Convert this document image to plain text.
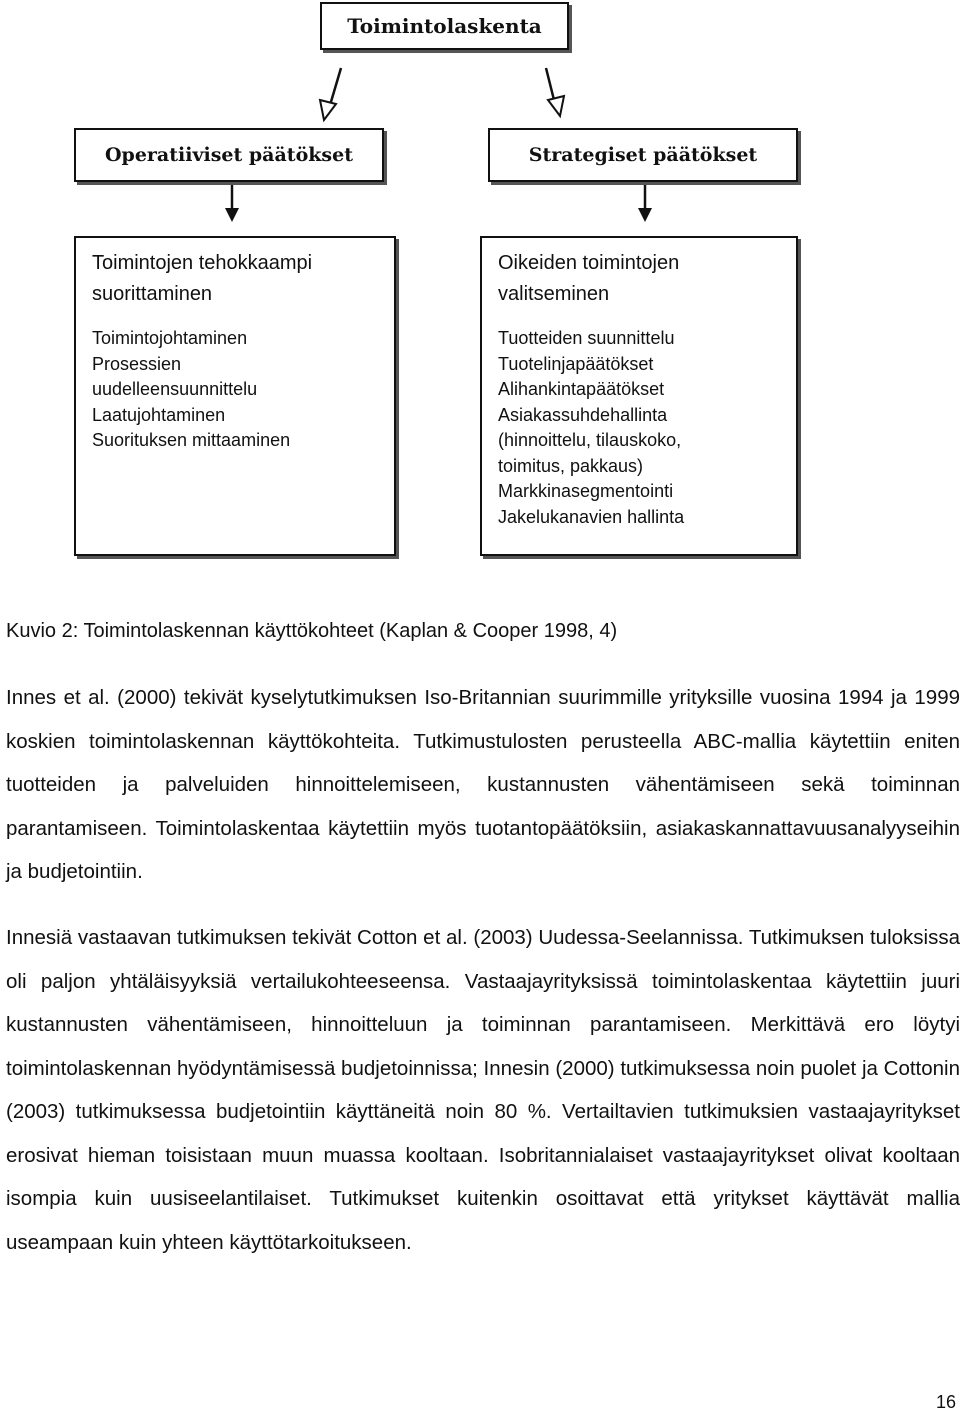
Toimintolaskenta
Operatiiviset päätökset	Strategiset päätökset

Toimintojen tehokkaampi suorittaminen

Toimintojohtaminen
Prosessien
uudelleensuunnittelu
Laatujohtaminen
Suorituksen mittaaminen

Oikeiden toimintojen valitseminen

Tuotteiden suunnittelu
Tuotelinjapäätökset
Alihankintapäätökset
Asiakassuhdehallinta
(hinnoittelu, tilauskoko,
toimitus, pakkaus)
Markkinasegmentointi
Jakelukanavien hallinta
Kuvio 2: Toimintolaskennan käyttökohteet (Kaplan & Cooper 1998, 4)

Innes et al. (2000) tekivät kyselytutkimuksen Iso-Britannian suurimmille yrityksille vuosina 1994 ja 1999 koskien toimintolaskennan käyttökohteita. Tutkimustulosten perusteella ABC-mallia käytettiin eniten tuotteiden ja palveluiden hinnoittelemiseen, kustannusten vähentämiseen sekä toiminnan parantamiseen. Toimintolaskentaa käytettiin myös tuotantopäätöksiin, asiakaskannattavuusanalyyseihin ja budjetointiin.

Innesiä vastaavan tutkimuksen tekivät Cotton et al. (2003) Uudessa-Seelannissa. Tutkimuksen tuloksissa oli paljon yhtäläisyyksiä vertailukohteeseensa. Vastaajayrityksissä toimintolaskentaa käytettiin juuri kustannusten vähentämiseen, hinnoitteluun ja toiminnan parantamiseen. Merkittävä ero löytyi toimintolaskennan hyödyntämisessä budjetoinnissa; Innesin (2000) tutkimuksessa noin puolet ja Cottonin (2003) tutkimuksessa budjetointiin käyttäneitä noin 80 %. Vertailtavien tutkimuksien vastaajayritykset erosivat hieman toisistaan muun muassa kooltaan. Isobritannialaiset vastaajayritykset olivat kooltaan isompia kuin uusiseelantilaiset. Tutkimukset kuitenkin osoittavat että yritykset käyttävät mallia useampaan kuin yhteen käyttötarkoitukseen.

16
